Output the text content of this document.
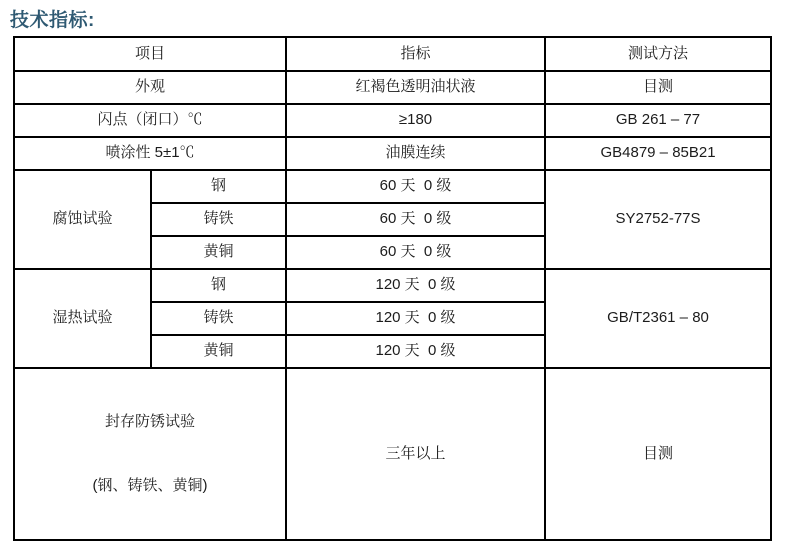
技术指标:
项目		指标	测试方法
外观		红褐色透明油状液	目测
闪点（闭口）℃		≥180	GB 261 – 77
喷涂性 5±1℃		油膜连续	GB4879 – 85B21
腐蚀试验	钢	60 天  0 级	SY2752-77S
	铸铁	60 天  0 级	
	黄铜	60 天  0 级	
湿热试验	钢	120 天  0 级	GB/T2361 – 80
	铸铁	120 天  0 级	
	黄铜	120 天  0 级	

封存防锈试验

(钢、铸铁、黄铜)		三年以上	目测
